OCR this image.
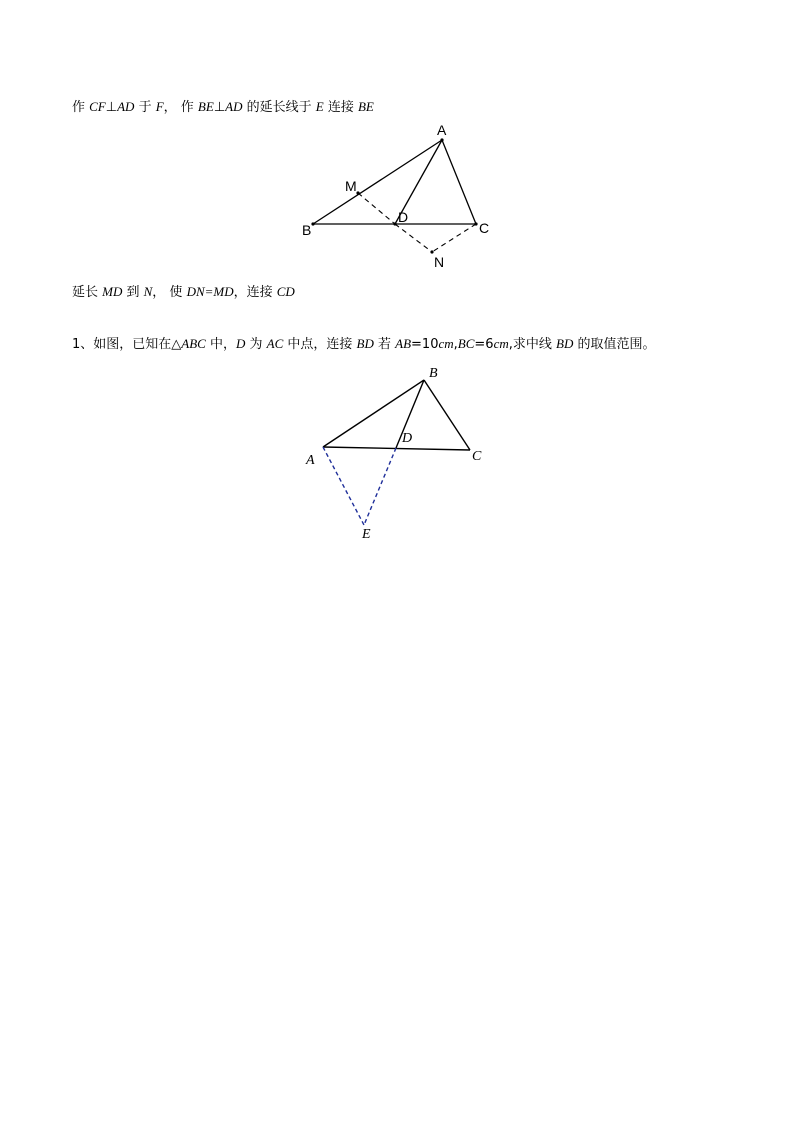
作 CF⊥AD 于 F， 作 BE⊥AD 的延长线于 E 连接 BE
A
M
D
B	C
N
延长 MD 到 N， 使 DN=MD，连接 CD
1、如图，已知在△ABC 中，D 为 AC 中点，连接 BD 若 AB=10cm,BC=6cm,求中线 BD 的取值范围。
B
D
A	C
E
